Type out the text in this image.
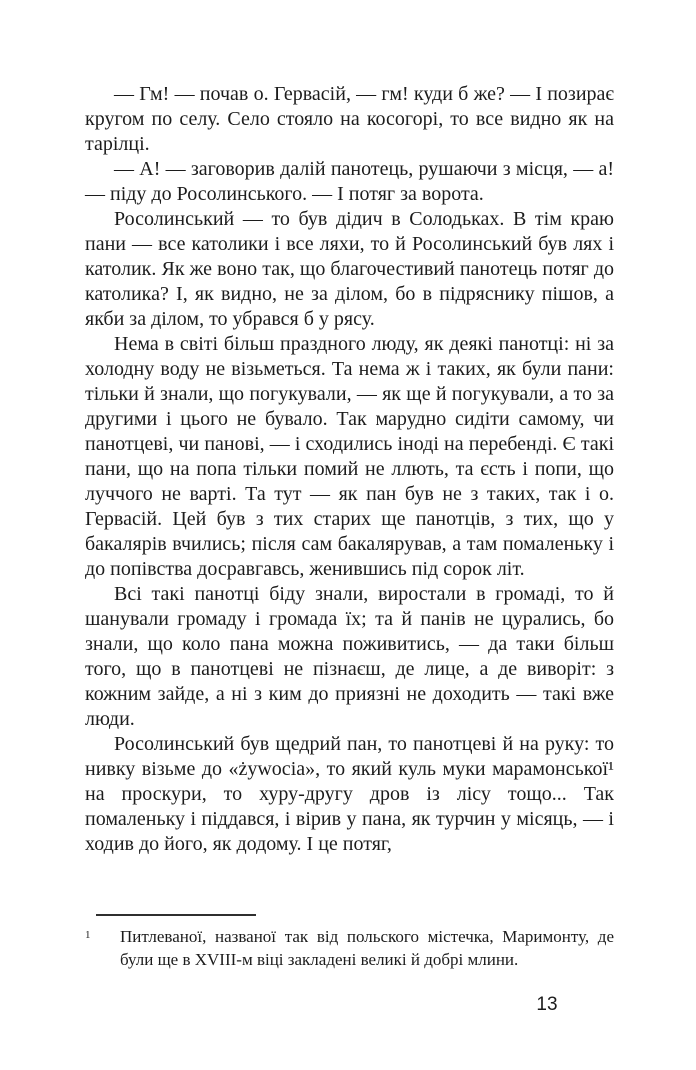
— Гм! — почав о. Гервасій, — гм! куди б же? — І позирає кругом по селу. Село стояло на косогорі, то все видно як на тарілці.

— А! — заговорив далій панотець, рушаючи з місця, — а! — піду до Росолинського. — І потяг за ворота.

Росолинський — то був дідич в Солодьках. В тім краю пани — все католики і все ляхи, то й Росолинський був лях і католик. Як же воно так, що благочестивий панотець потяг до католика? І, як видно, не за ділом, бо в підряснику пішов, а якби за ділом, то убрався б у рясу.

Нема в світі більш праздного люду, як деякі панотці: ні за холодну воду не візьметься. Та нема ж і таких, як були пани: тільки й знали, що погукували, — як ще й погукували, а то за другими і цього не бувало. Так марудно сидіти самому, чи панотцеві, чи панові, — і сходились іноді на перебенді. Є такі пани, що на попа тільки помий не ллють, та єсть і попи, що луччого не варті. Та тут — як пан був не з таких, так і о. Гервасій. Цей був з тих старих ще панотців, з тих, що у бакалярів вчились; після сам бакалярував, а там помаленьку і до попівства досравгавсь, женившись під сорок літ.

Всі такі панотці біду знали, виростали в громаді, то й шанували громаду і громада їх; та й панів не цурались, бо знали, що коло пана можна поживитись, — да таки більш того, що в панотцеві не пізнаєш, де лице, а де виворіт: з кожним зайде, а ні з ким до приязні не доходить — такі вже люди.

Росолинський був щедрий пан, то панотцеві й на руку: то нивку візьме до «żywocia», то який куль муки марамонської¹ на проскури, то хуру-другу дров із лісу тощо... Так помаленьку і піддався, і вірив у пана, як турчин у місяць, — і ходив до його, як додому. І це потяг,

1	Питлеваної, названої так від польского містечка, Маримонту, де були ще в XVIII-м віці закладені великі й добрі млини.
13
